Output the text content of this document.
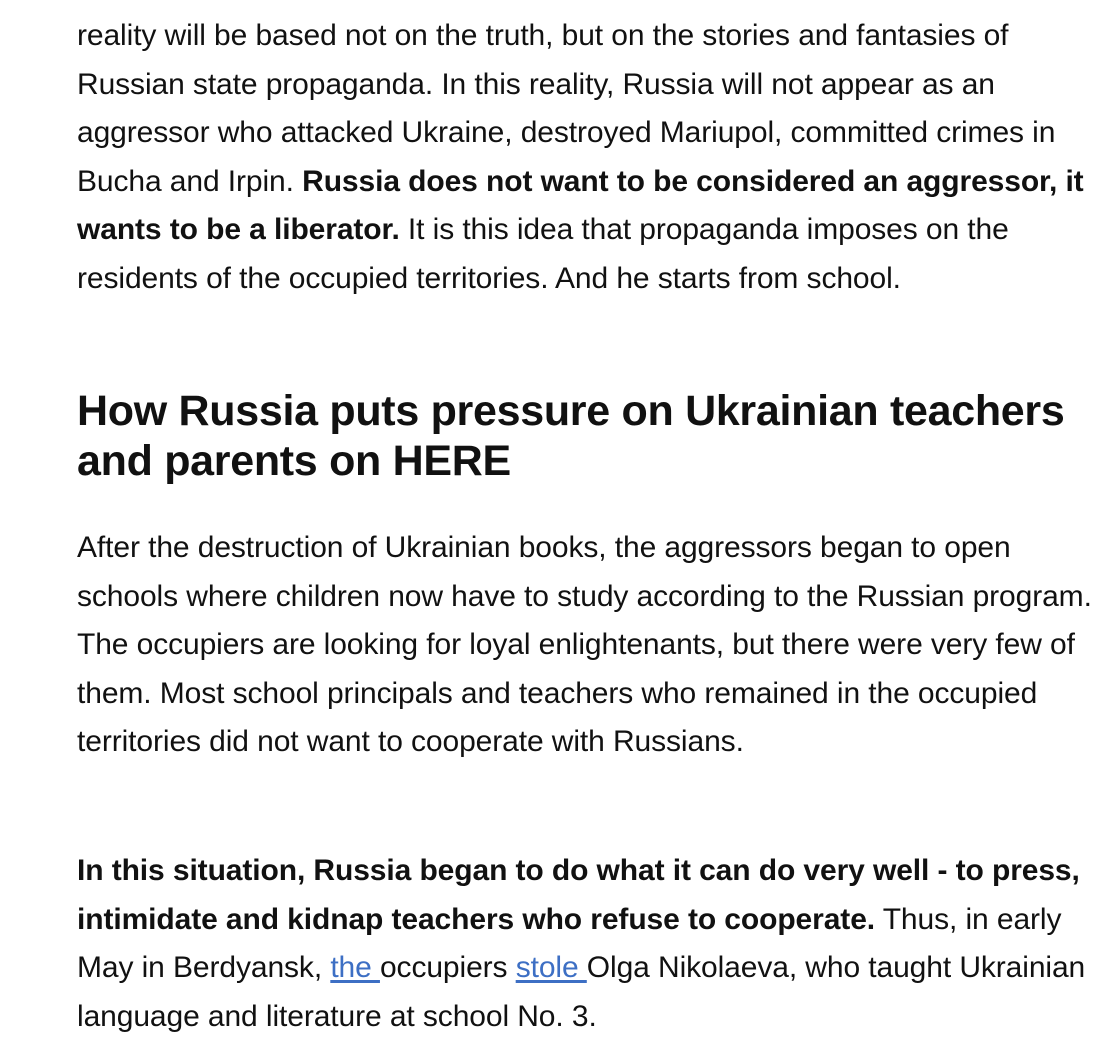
reality will be based not on the truth, but on the stories and fantasies of Russian state propaganda. In this reality, Russia will not appear as an aggressor who attacked Ukraine, destroyed Mariupol, committed crimes in Bucha and Irpin. Russia does not want to be considered an aggressor, it wants to be a liberator. It is this idea that propaganda imposes on the residents of the occupied territories. And he starts from school.

How Russia puts pressure on Ukrainian teachers and parents on HERE

After the destruction of Ukrainian books, the aggressors began to open schools where children now have to study according to the Russian program. The occupiers are looking for loyal enlightenants, but there were very few of them. Most school principals and teachers who remained in the occupied territories did not want to cooperate with Russians.

In this situation, Russia began to do what it can do very well - to press, intimidate and kidnap teachers who refuse to cooperate. Thus, in early May in Berdyansk, the occupiers stole Olga Nikolaeva, who taught Ukrainian language and literature at school No. 3.
